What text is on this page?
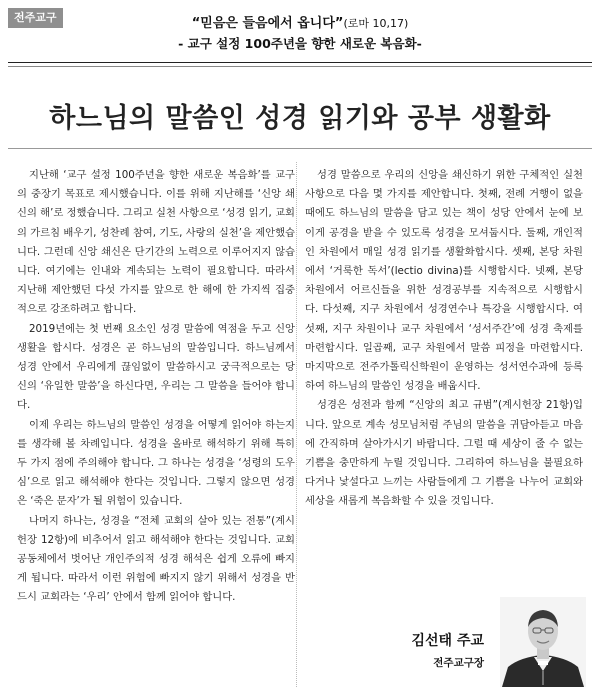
전주교구	“믿음은 들음에서 옵니다”(로마 10,17)
- 교구 설정 100주년을 향한 새로운 복음화-
하느님의 말씀인 성경 읽기와 공부 생활화

지난해 ‘교구 설정 100주년을 향한 새로운 복음화’를 교구의 중장기 목표로 제시했습니다. 이를 위해 지난해를 ‘신앙 쇄신의 해’로 정했습니다. 그리고 실천 사항으로 ‘성경 읽기, 교회의 가르침 배우기, 성찬례 참여, 기도, 사랑의 실천’을 제안했습니다. 그런데 신앙 쇄신은 단기간의 노력으로 이루어지지 않습니다. 여기에는 인내와 계속되는 노력이 필요합니다. 따라서 지난해 제안했던 다섯 가지를 앞으로 한 해에 한 가지씩 집중적으로 강조하려고 합니다.

2019년에는 첫 번째 요소인 성경 말씀에 역점을 두고 신앙생활을 합시다. 성경은 곧 하느님의 말씀입니다. 하느님께서 성경 안에서 우리에게 끊임없이 말씀하시고 궁극적으로는 당신의 ‘유일한 말씀’을 하신다면, 우리는 그 말씀을 들어야 합니다.

이제 우리는 하느님의 말씀인 성경을 어떻게 읽어야 하는지를 생각해 볼 차례입니다. 성경을 올바로 해석하기 위해 특히 두 가지 점에 주의해야 합니다. 그 하나는 성경을 ‘성령의 도우심’으로 읽고 해석해야 한다는 것입니다. 그렇지 않으면 성경은 ‘죽은 문자’가 될 위험이 있습니다.

나머지 하나는, 성경을 “전체 교회의 살아 있는 전통”(계시헌장 12항)에 비추어서 읽고 해석해야 한다는 것입니다. 교회 공동체에서 벗어난 개인주의적 성경 해석은 쉽게 오류에 빠지게 됩니다. 따라서 이런 위험에 빠지지 않기 위해서 성경을 반드시 교회라는 ‘우리’ 안에서 함께 읽어야 합니다.

성경 말씀으로 우리의 신앙을 쇄신하기 위한 구체적인 실천 사항으로 다음 몇 가지를 제안합니다. 첫째, 전례 거행이 없을 때에도 하느님의 말씀을 담고 있는 책이 성당 안에서 눈에 보이게 공경을 받을 수 있도록 성경을 모셔둡시다. 둘째, 개인적인 차원에서 매일 성경 읽기를 생활화합시다. 셋째, 본당 차원에서 ‘거룩한 독서’(lectio divina)를 시행합시다. 넷째, 본당 차원에서 어르신들을 위한 성경공부를 지속적으로 시행합시다. 다섯째, 지구 차원에서 성경연수나 특강을 시행합시다. 여섯째, 지구 차원이나 교구 차원에서 ‘성서주간’에 성경 축제를 마련합시다. 일곱째, 교구 차원에서 말씀 피정을 마련합시다. 마지막으로 전주가톨릭신학원이 운영하는 성서연수과에 등록하여 하느님의 말씀인 성경을 배웁시다.

성경은 성전과 함께 “신앙의 최고 규범”(계시헌장 21항)입니다. 앞으로 계속 성모님처럼 주님의 말씀을 귀담아듣고 마음에 간직하며 살아가시기 바랍니다. 그럴 때 세상이 줄 수 없는 기쁨을 충만하게 누릴 것입니다. 그리하여 하느님을 불필요하다거나 낯설다고 느끼는 사람들에게 그 기쁨을 나누어 교회와 세상을 새롭게 복음화할 수 있을 것입니다.

김선태 주교
전주교구장
